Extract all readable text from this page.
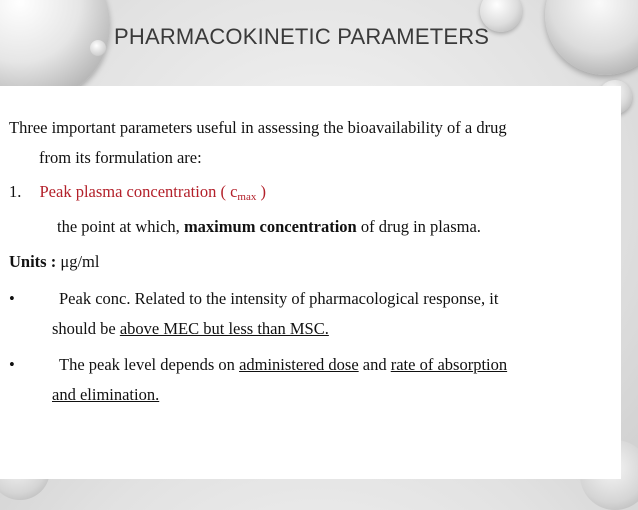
PHARMACOKINETIC PARAMETERS
Three important parameters useful in assessing the bioavailability of a drug
from its formulation are:
1. Peak plasma concentration ( $c_{max}$ )
the point at which, maximum concentration of drug in plasma.
Units : μg/ml
•	Peak conc. Related to the intensity of pharmacological response, it
should be above MEC but less than MSC.
•	The peak level depends on administered dose and rate of absorption
and elimination.
